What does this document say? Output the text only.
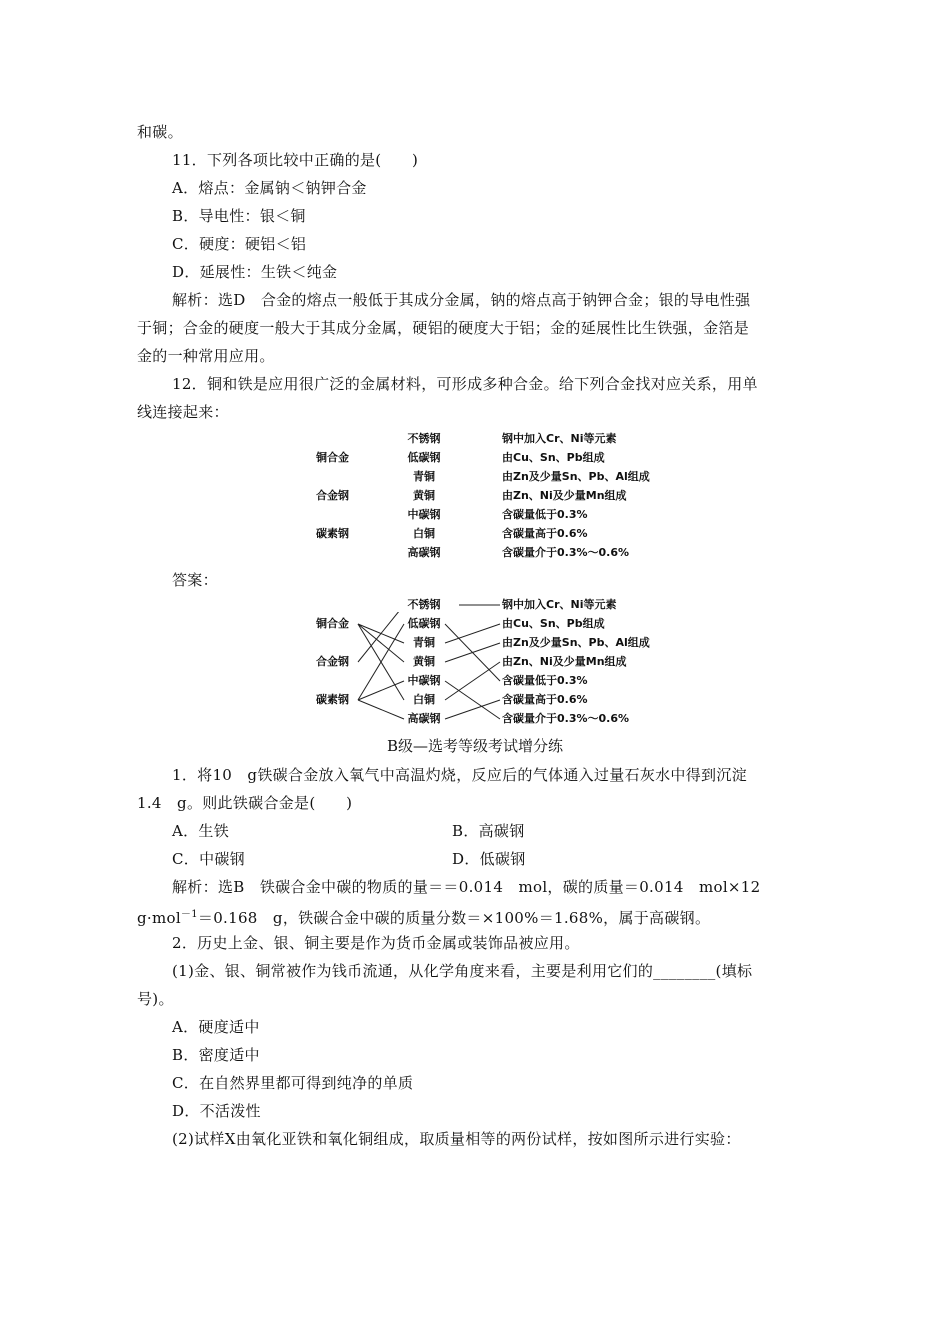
和碳。
11．下列各项比较中正确的是(　　)
A．熔点：金属钠＜钠钾合金
B．导电性：银＜铜
C．硬度：硬铝＜铝
D．延展性：生铁＜纯金
解析：选D　合金的熔点一般低于其成分金属，钠的熔点高于钠钾合金；银的导电性强
于铜；合金的硬度一般大于其成分金属，硬铝的硬度大于铝；金的延展性比生铁强，金箔是
金的一种常用应用。
12．铜和铁是应用很广泛的金属材料，可形成多种合金。给下列合金找对应关系，用单
线连接起来：
铜合金
合金钢
碳素钢
不锈钢
低碳钢
青铜
黄铜
中碳钢
白铜
高碳钢
钢中加入Cr、Ni等元素
由Cu、Sn、Pb组成
由Zn及少量Sn、Pb、Al组成
由Zn、Ni及少量Mn组成
含碳量低于0.3%
含碳量高于0.6%
含碳量介于0.3%～0.6%
答案：
铜合金
合金钢
碳素钢
不锈钢
低碳钢
青铜
黄铜
中碳钢
白铜
高碳钢
钢中加入Cr、Ni等元素
由Cu、Sn、Pb组成
由Zn及少量Sn、Pb、Al组成
由Zn、Ni及少量Mn组成
含碳量低于0.3%
含碳量高于0.6%
含碳量介于0.3%～0.6%
B级—选考等级考试增分练
1．将10　g铁碳合金放入氧气中高温灼烧，反应后的气体通入过量石灰水中得到沉淀
1.4　g。则此铁碳合金是(　　)
A．生铁	B．高碳钢
C．中碳钢	D．低碳钢
解析：选B　铁碳合金中碳的物质的量＝＝0.014　mol，碳的质量＝0.014　mol×12
g·mol$^{-1}$＝0.168　g，铁碳合金中碳的质量分数＝×100%＝1.68%，属于高碳钢。
2．历史上金、银、铜主要是作为货币金属或装饰品被应用。
(1)金、银、铜常被作为钱币流通，从化学角度来看，主要是利用它们的________(填标
号)。
A．硬度适中
B．密度适中
C．在自然界里都可得到纯净的单质
D．不活泼性
(2)试样X由氧化亚铁和氧化铜组成，取质量相等的两份试样，按如图所示进行实验：
